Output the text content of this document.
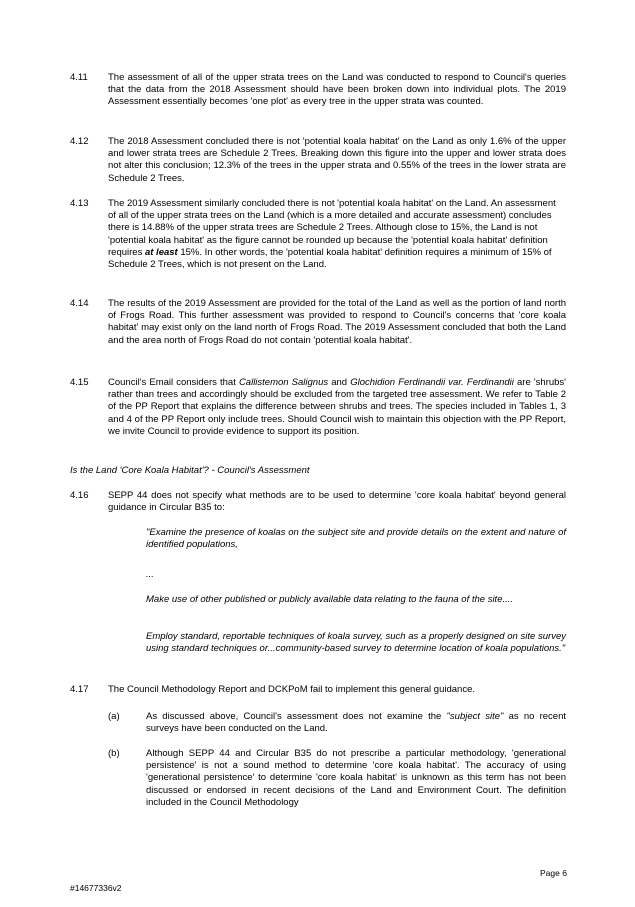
4.11 The assessment of all of the upper strata trees on the Land was conducted to respond to Council's queries that the data from the 2018 Assessment should have been broken down into individual plots. The 2019 Assessment essentially becomes 'one plot' as every tree in the upper strata was counted.
4.12 The 2018 Assessment concluded there is not 'potential koala habitat' on the Land as only 1.6% of the upper and lower strata trees are Schedule 2 Trees. Breaking down this figure into the upper and lower strata does not alter this conclusion; 12.3% of the trees in the upper strata and 0.55% of the trees in the lower strata are Schedule 2 Trees.
4.13 The 2019 Assessment similarly concluded there is not 'potential koala habitat' on the Land. An assessment of all of the upper strata trees on the Land (which is a more detailed and accurate assessment) concludes there is 14.88% of the upper strata trees are Schedule 2 Trees. Although close to 15%, the Land is not 'potential koala habitat' as the figure cannot be rounded up because the 'potential koala habitat' definition requires at least 15%. In other words, the 'potential koala habitat' definition requires a minimum of 15% of Schedule 2 Trees, which is not present on the Land.
4.14 The results of the 2019 Assessment are provided for the total of the Land as well as the portion of land north of Frogs Road. This further assessment was provided to respond to Council's concerns that 'core koala habitat' may exist only on the land north of Frogs Road. The 2019 Assessment concluded that both the Land and the area north of Frogs Road do not contain 'potential koala habitat'.
4.15 Council's Email considers that Callistemon Salignus and Glochidion Ferdinandii var. Ferdinandii are 'shrubs' rather than trees and accordingly should be excluded from the targeted tree assessment. We refer to Table 2 of the PP Report that explains the difference between shrubs and trees. The species included in Tables 1, 3 and 4 of the PP Report only include trees. Should Council wish to maintain this objection with the PP Report, we invite Council to provide evidence to support its position.
Is the Land 'Core Koala Habitat'? - Council's Assessment
4.16 SEPP 44 does not specify what methods are to be used to determine 'core koala habitat' beyond general guidance in Circular B35 to:
"Examine the presence of koalas on the subject site and provide details on the extent and nature of identified populations,
...
Make use of other published or publicly available data relating to the fauna of the site....
Employ standard, reportable techniques of koala survey, such as a properly designed on site survey using standard techniques or...community-based survey to determine location of koala populations."
4.17 The Council Methodology Report and DCKPoM fail to implement this general guidance.
(a)	As discussed above, Council's assessment does not examine the "subject site" as no recent surveys have been conducted on the Land.
(b)	Although SEPP 44 and Circular B35 do not prescribe a particular methodology, 'generational persistence' is not a sound method to determine 'core koala habitat'. The accuracy of using 'generational persistence' to determine 'core koala habitat' is unknown as this term has not been discussed or endorsed in recent decisions of the Land and Environment Court. The definition included in the Council Methodology
Page 6
#14677336v2
